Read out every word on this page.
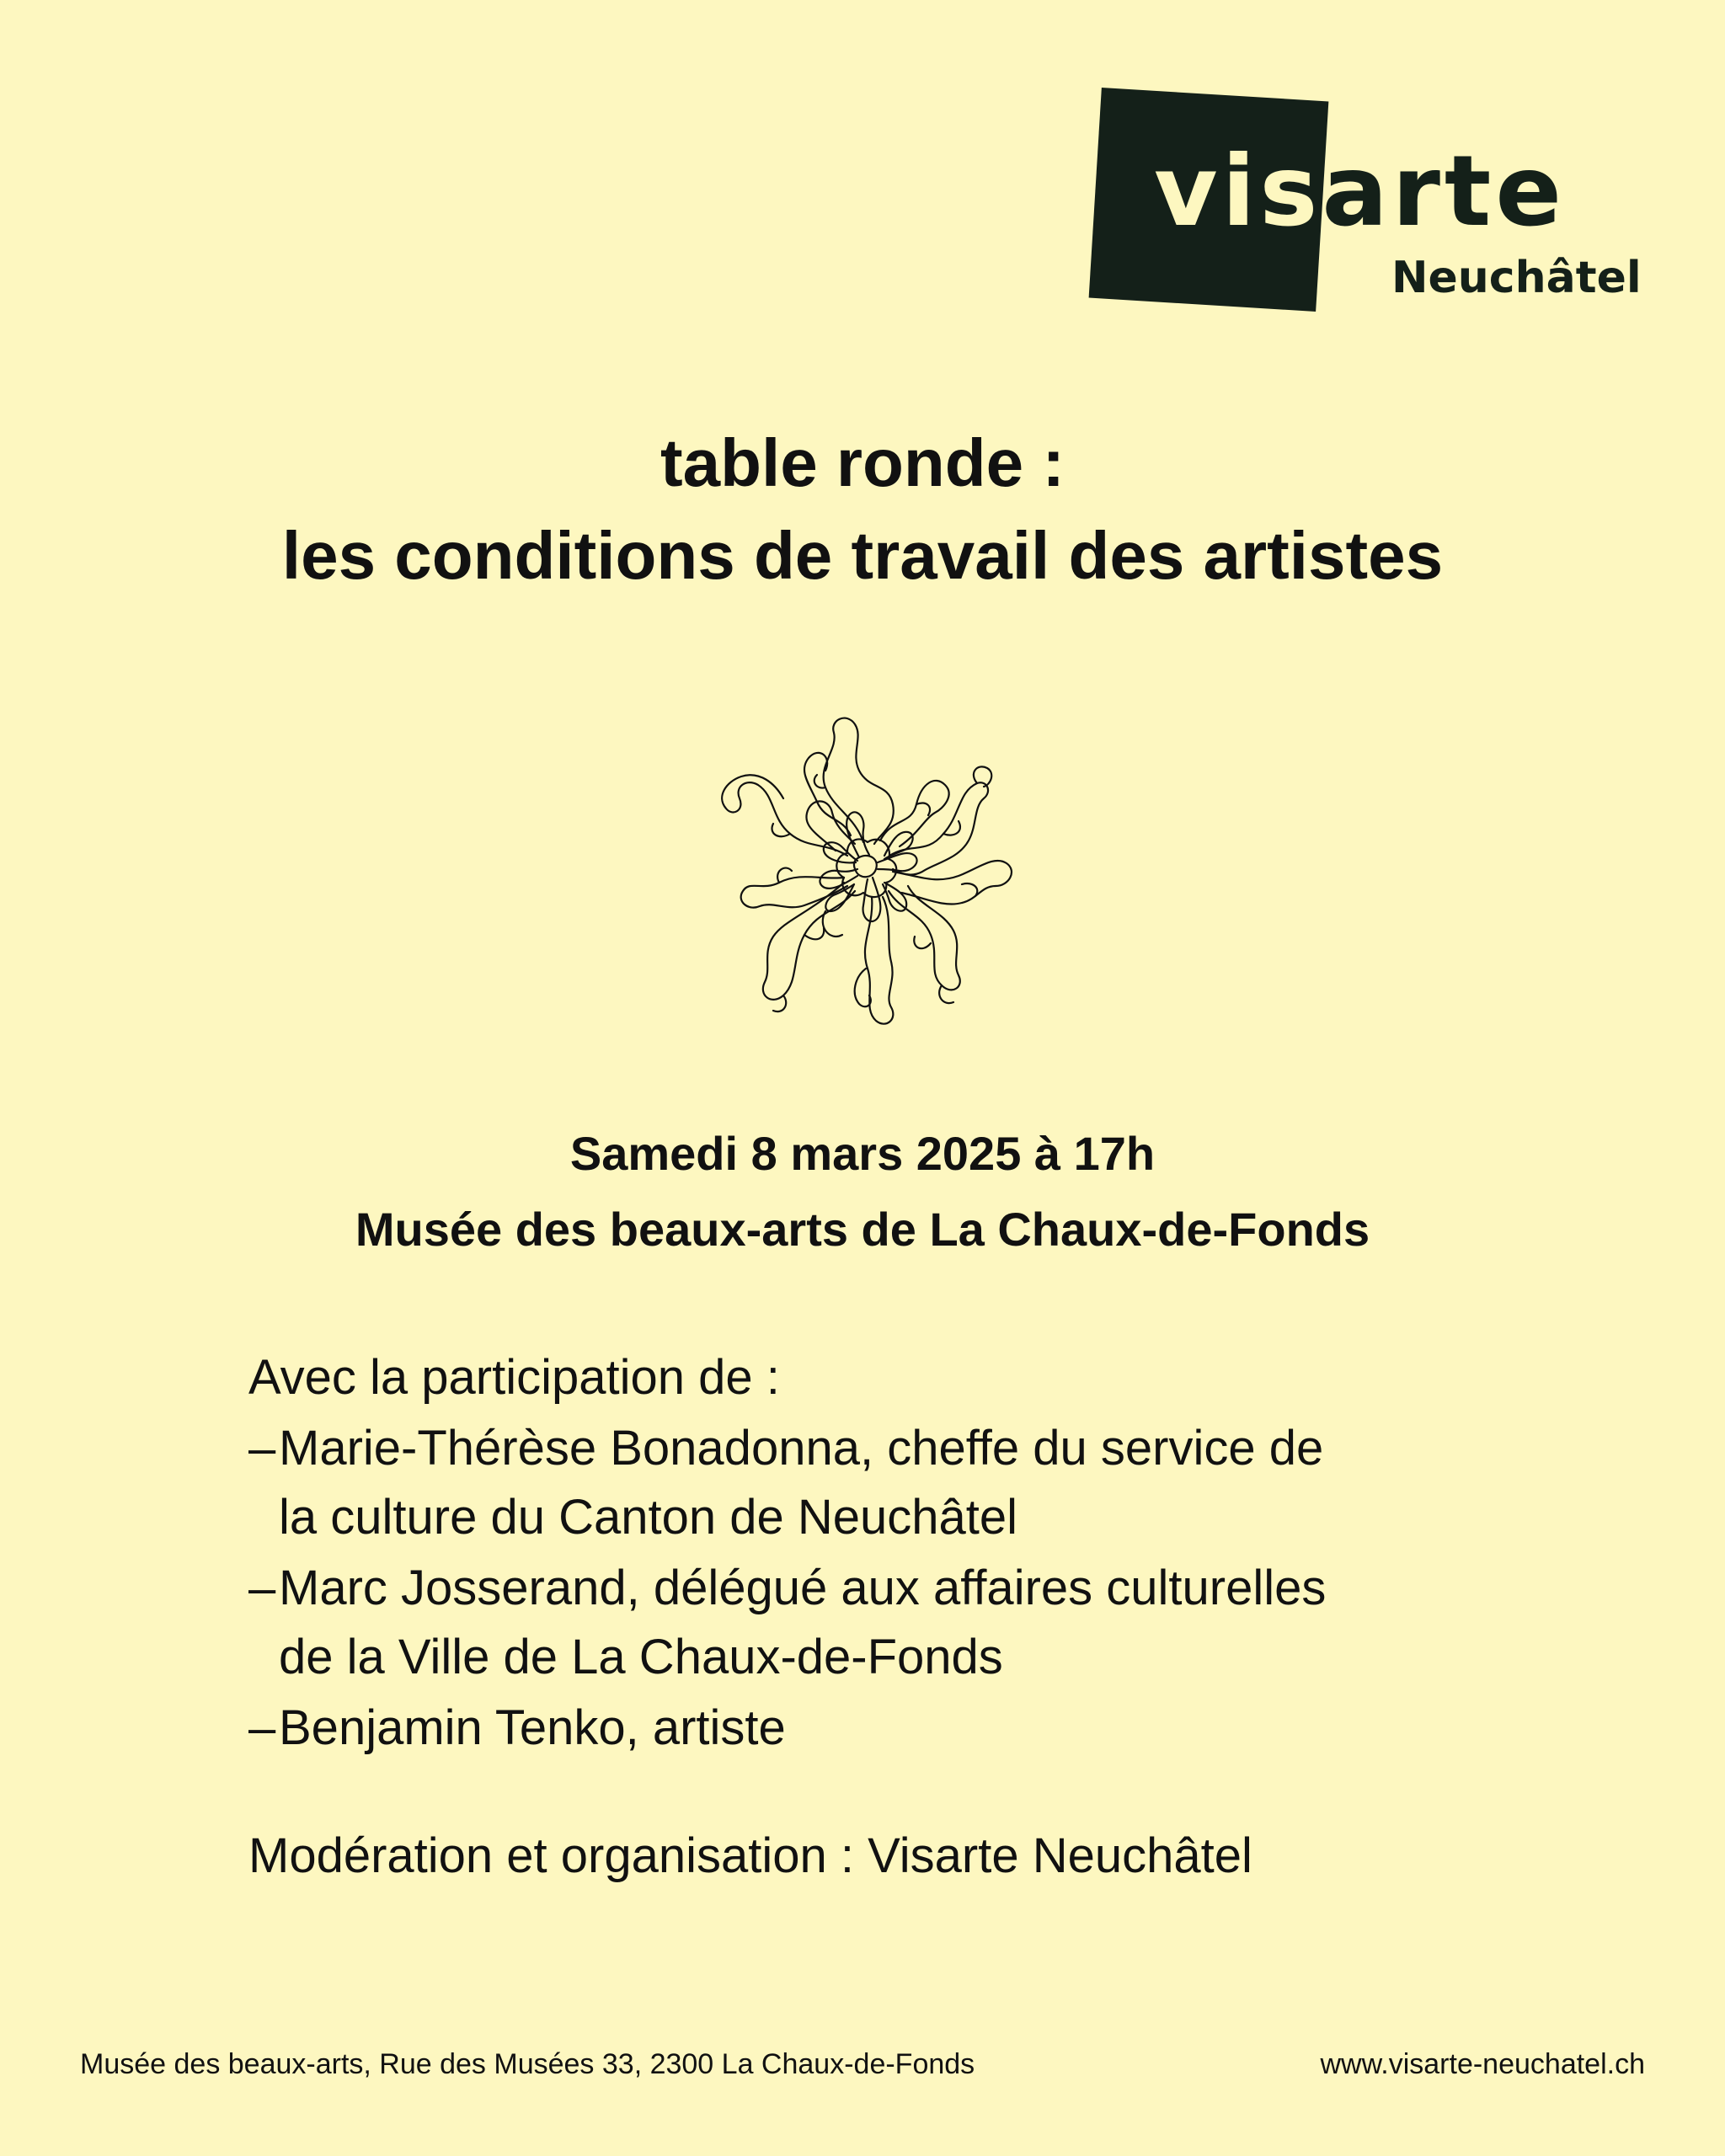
visarte
Neuchâtel
table ronde :
les conditions de travail des artistes
Samedi 8 mars 2025 à 17h
Musée des beaux-arts de La Chaux-de-Fonds

Avec la participation de :

– Marie-Thérèse Bonadonna, cheffe du service de
la culture du Canton de Neuchâtel
– Marc Josserand, délégué aux affaires culturelles
de la Ville de La Chaux-de-Fonds
– Benjamin Tenko, artiste

Modération et organisation : Visarte Neuchâtel

Musée des beaux-arts, Rue des Musées 33, 2300 La Chaux-de-Fonds	www.visarte-neuchatel.ch
